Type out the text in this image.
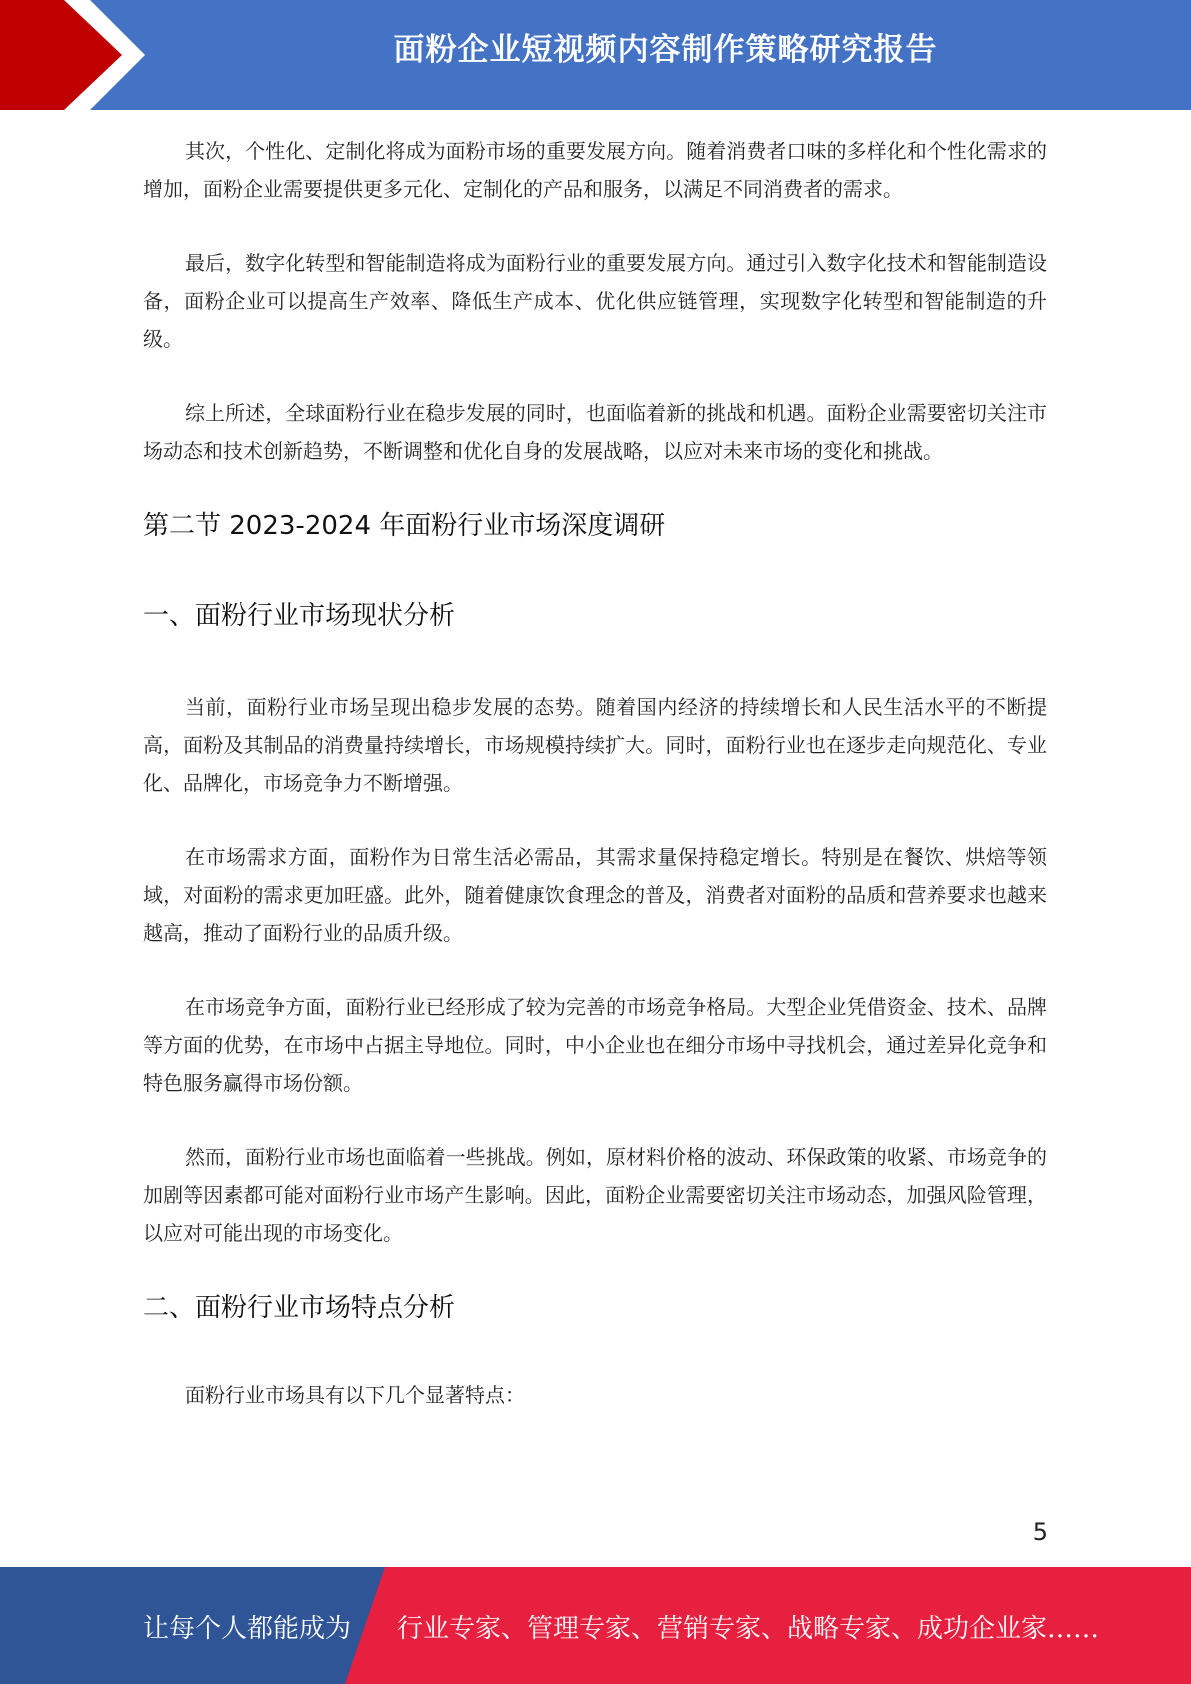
面粉企业短视频内容制作策略研究报告

其次，个性化、定制化将成为面粉市场的重要发展方向。随着消费者口味的多样化和个性化需求的增加，面粉企业需要提供更多元化、定制化的产品和服务，以满足不同消费者的需求。

最后，数字化转型和智能制造将成为面粉行业的重要发展方向。通过引入数字化技术和智能制造设备，面粉企业可以提高生产效率、降低生产成本、优化供应链管理，实现数字化转型和智能制造的升级。

综上所述，全球面粉行业在稳步发展的同时，也面临着新的挑战和机遇。面粉企业需要密切关注市场动态和技术创新趋势，不断调整和优化自身的发展战略，以应对未来市场的变化和挑战。

第二节 2023-2024 年面粉行业市场深度调研
一、面粉行业市场现状分析

当前，面粉行业市场呈现出稳步发展的态势。随着国内经济的持续增长和人民生活水平的不断提高，面粉及其制品的消费量持续增长，市场规模持续扩大。同时，面粉行业也在逐步走向规范化、专业化、品牌化，市场竞争力不断增强。

在市场需求方面，面粉作为日常生活必需品，其需求量保持稳定增长。特别是在餐饮、烘焙等领域，对面粉的需求更加旺盛。此外，随着健康饮食理念的普及，消费者对面粉的品质和营养要求也越来越高，推动了面粉行业的品质升级。

在市场竞争方面，面粉行业已经形成了较为完善的市场竞争格局。大型企业凭借资金、技术、品牌等方面的优势，在市场中占据主导地位。同时，中小企业也在细分市场中寻找机会，通过差异化竞争和特色服务赢得市场份额。

然而，面粉行业市场也面临着一些挑战。例如，原材料价格的波动、环保政策的收紧、市场竞争的加剧等因素都可能对面粉行业市场产生影响。因此，面粉企业需要密切关注市场动态，加强风险管理，以应对可能出现的市场变化。

二、面粉行业市场特点分析

面粉行业市场具有以下几个显著特点：

5
让每个人都能成为 行业专家、管理专家、营销专家、战略专家、成功企业家……
